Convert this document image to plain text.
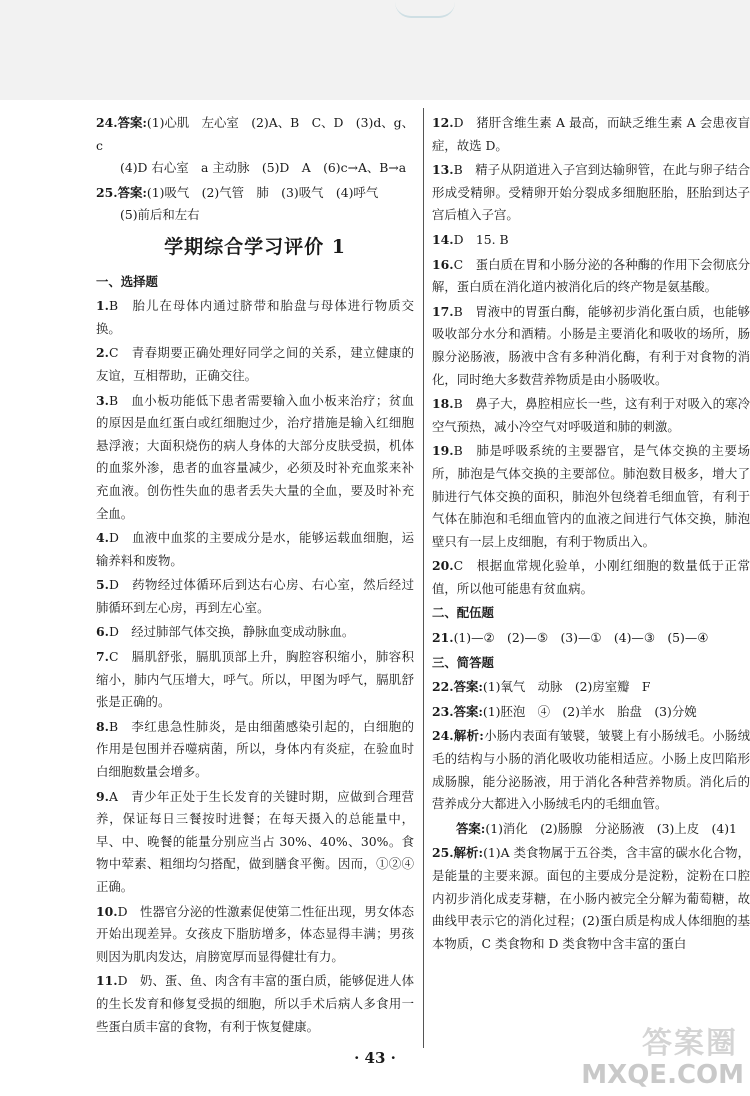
24.答案:(1)心肌　左心室　(2)A、B　C、D　(3)d、g、c
(4)D 右心室　a 主动脉　(5)D　A　(6)c→A、B→a
25.答案:(1)吸气　(2)气管　肺　(3)吸气　(4)呼气
(5)前后和左右
学期综合学习评价 1
一、选择题
1.B　胎儿在母体内通过脐带和胎盘与母体进行物质交换。
2.C　青春期要正确处理好同学之间的关系，建立健康的友谊，互相帮助，正确交往。
3.B　血小板功能低下患者需要输入血小板来治疗；贫血的原因是血红蛋白或红细胞过少，治疗措施是输入红细胞悬浮液；大面积烧伤的病人身体的大部分皮肤受损，机体的血浆外渗，患者的血容量减少，必须及时补充血浆来补充血液。创伤性失血的患者丢失大量的全血，要及时补充全血。
4.D　血液中血浆的主要成分是水，能够运载血细胞，运输养料和废物。
5.D　药物经过体循环后到达右心房、右心室，然后经过肺循环到左心房，再到左心室。
6.D　经过肺部气体交换，静脉血变成动脉血。
7.C　膈肌舒张，膈肌顶部上升，胸腔容积缩小，肺容积缩小，肺内气压增大，呼气。所以，甲图为呼气，膈肌舒张是正确的。
8.B　李红患急性肺炎，是由细菌感染引起的，白细胞的作用是包围并吞噬病菌，所以，身体内有炎症，在验血时白细胞数量会增多。
9.A　青少年正处于生长发育的关键时期，应做到合理营养，保证每日三餐按时进餐；在每天摄入的总能量中，早、中、晚餐的能量分别应当占 30%、40%、30%。食物中荤素、粗细均匀搭配，做到膳食平衡。因而，①②④正确。
10.D　性器官分泌的性激素促使第二性征出现，男女体态开始出现差异。女孩皮下脂肪增多，体态显得丰满；男孩则因为肌肉发达，肩膀宽厚而显得健壮有力。
11.D　奶、蛋、鱼、肉含有丰富的蛋白质，能够促进人体的生长发育和修复受损的细胞，所以手术后病人多食用一些蛋白质丰富的食物，有利于恢复健康。
12.D　猪肝含维生素 A 最高，而缺乏维生素 A 会患夜盲症，故选 D。
13.B　精子从阴道进入子宫到达输卵管，在此与卵子结合形成受精卵。受精卵开始分裂成多细胞胚胎，胚胎到达子宫后植入子宫。
14.D　15. B
16.C　蛋白质在胃和小肠分泌的各种酶的作用下会彻底分解，蛋白质在消化道内被消化后的终产物是氨基酸。
17.B　胃液中的胃蛋白酶，能够初步消化蛋白质，也能够吸收部分水分和酒精。小肠是主要消化和吸收的场所，肠腺分泌肠液，肠液中含有多种消化酶，有利于对食物的消化，同时绝大多数营养物质是由小肠吸收。
18.B　鼻子大，鼻腔相应长一些，这有利于对吸入的寒冷空气预热，减小冷空气对呼吸道和肺的刺激。
19.B　肺是呼吸系统的主要器官，是气体交换的主要场所，肺泡是气体交换的主要部位。肺泡数目极多，增大了肺进行气体交换的面积，肺泡外包绕着毛细血管，有利于气体在肺泡和毛细血管内的血液之间进行气体交换，肺泡壁只有一层上皮细胞，有利于物质出入。
20.C　根据血常规化验单，小刚红细胞的数量低于正常值，所以他可能患有贫血病。
二、配伍题
21.(1)—②　(2)—⑤　(3)—①　(4)—③　(5)—④
三、简答题
22.答案:(1)氧气　动脉　(2)房室瓣　F
23.答案:(1)胚泡　④　(2)羊水　胎盘　(3)分娩
24.解析:小肠内表面有皱襞，皱襞上有小肠绒毛。小肠绒毛的结构与小肠的消化吸收功能相适应。小肠上皮凹陷形成肠腺，能分泌肠液，用于消化各种营养物质。消化后的营养成分大都进入小肠绒毛内的毛细血管。
答案:(1)消化　(2)肠腺　分泌肠液　(3)上皮　(4)1
25.解析:(1)A 类食物属于五谷类，含丰富的碳水化合物，是能量的主要来源。面包的主要成分是淀粉，淀粉在口腔内初步消化成麦芽糖，在小肠内被完全分解为葡萄糖，故曲线甲表示它的消化过程；(2)蛋白质是构成人体细胞的基本物质，C 类食物和 D 类食物中含丰富的蛋白
· 43 ·	答案圈
MXQE.COM
